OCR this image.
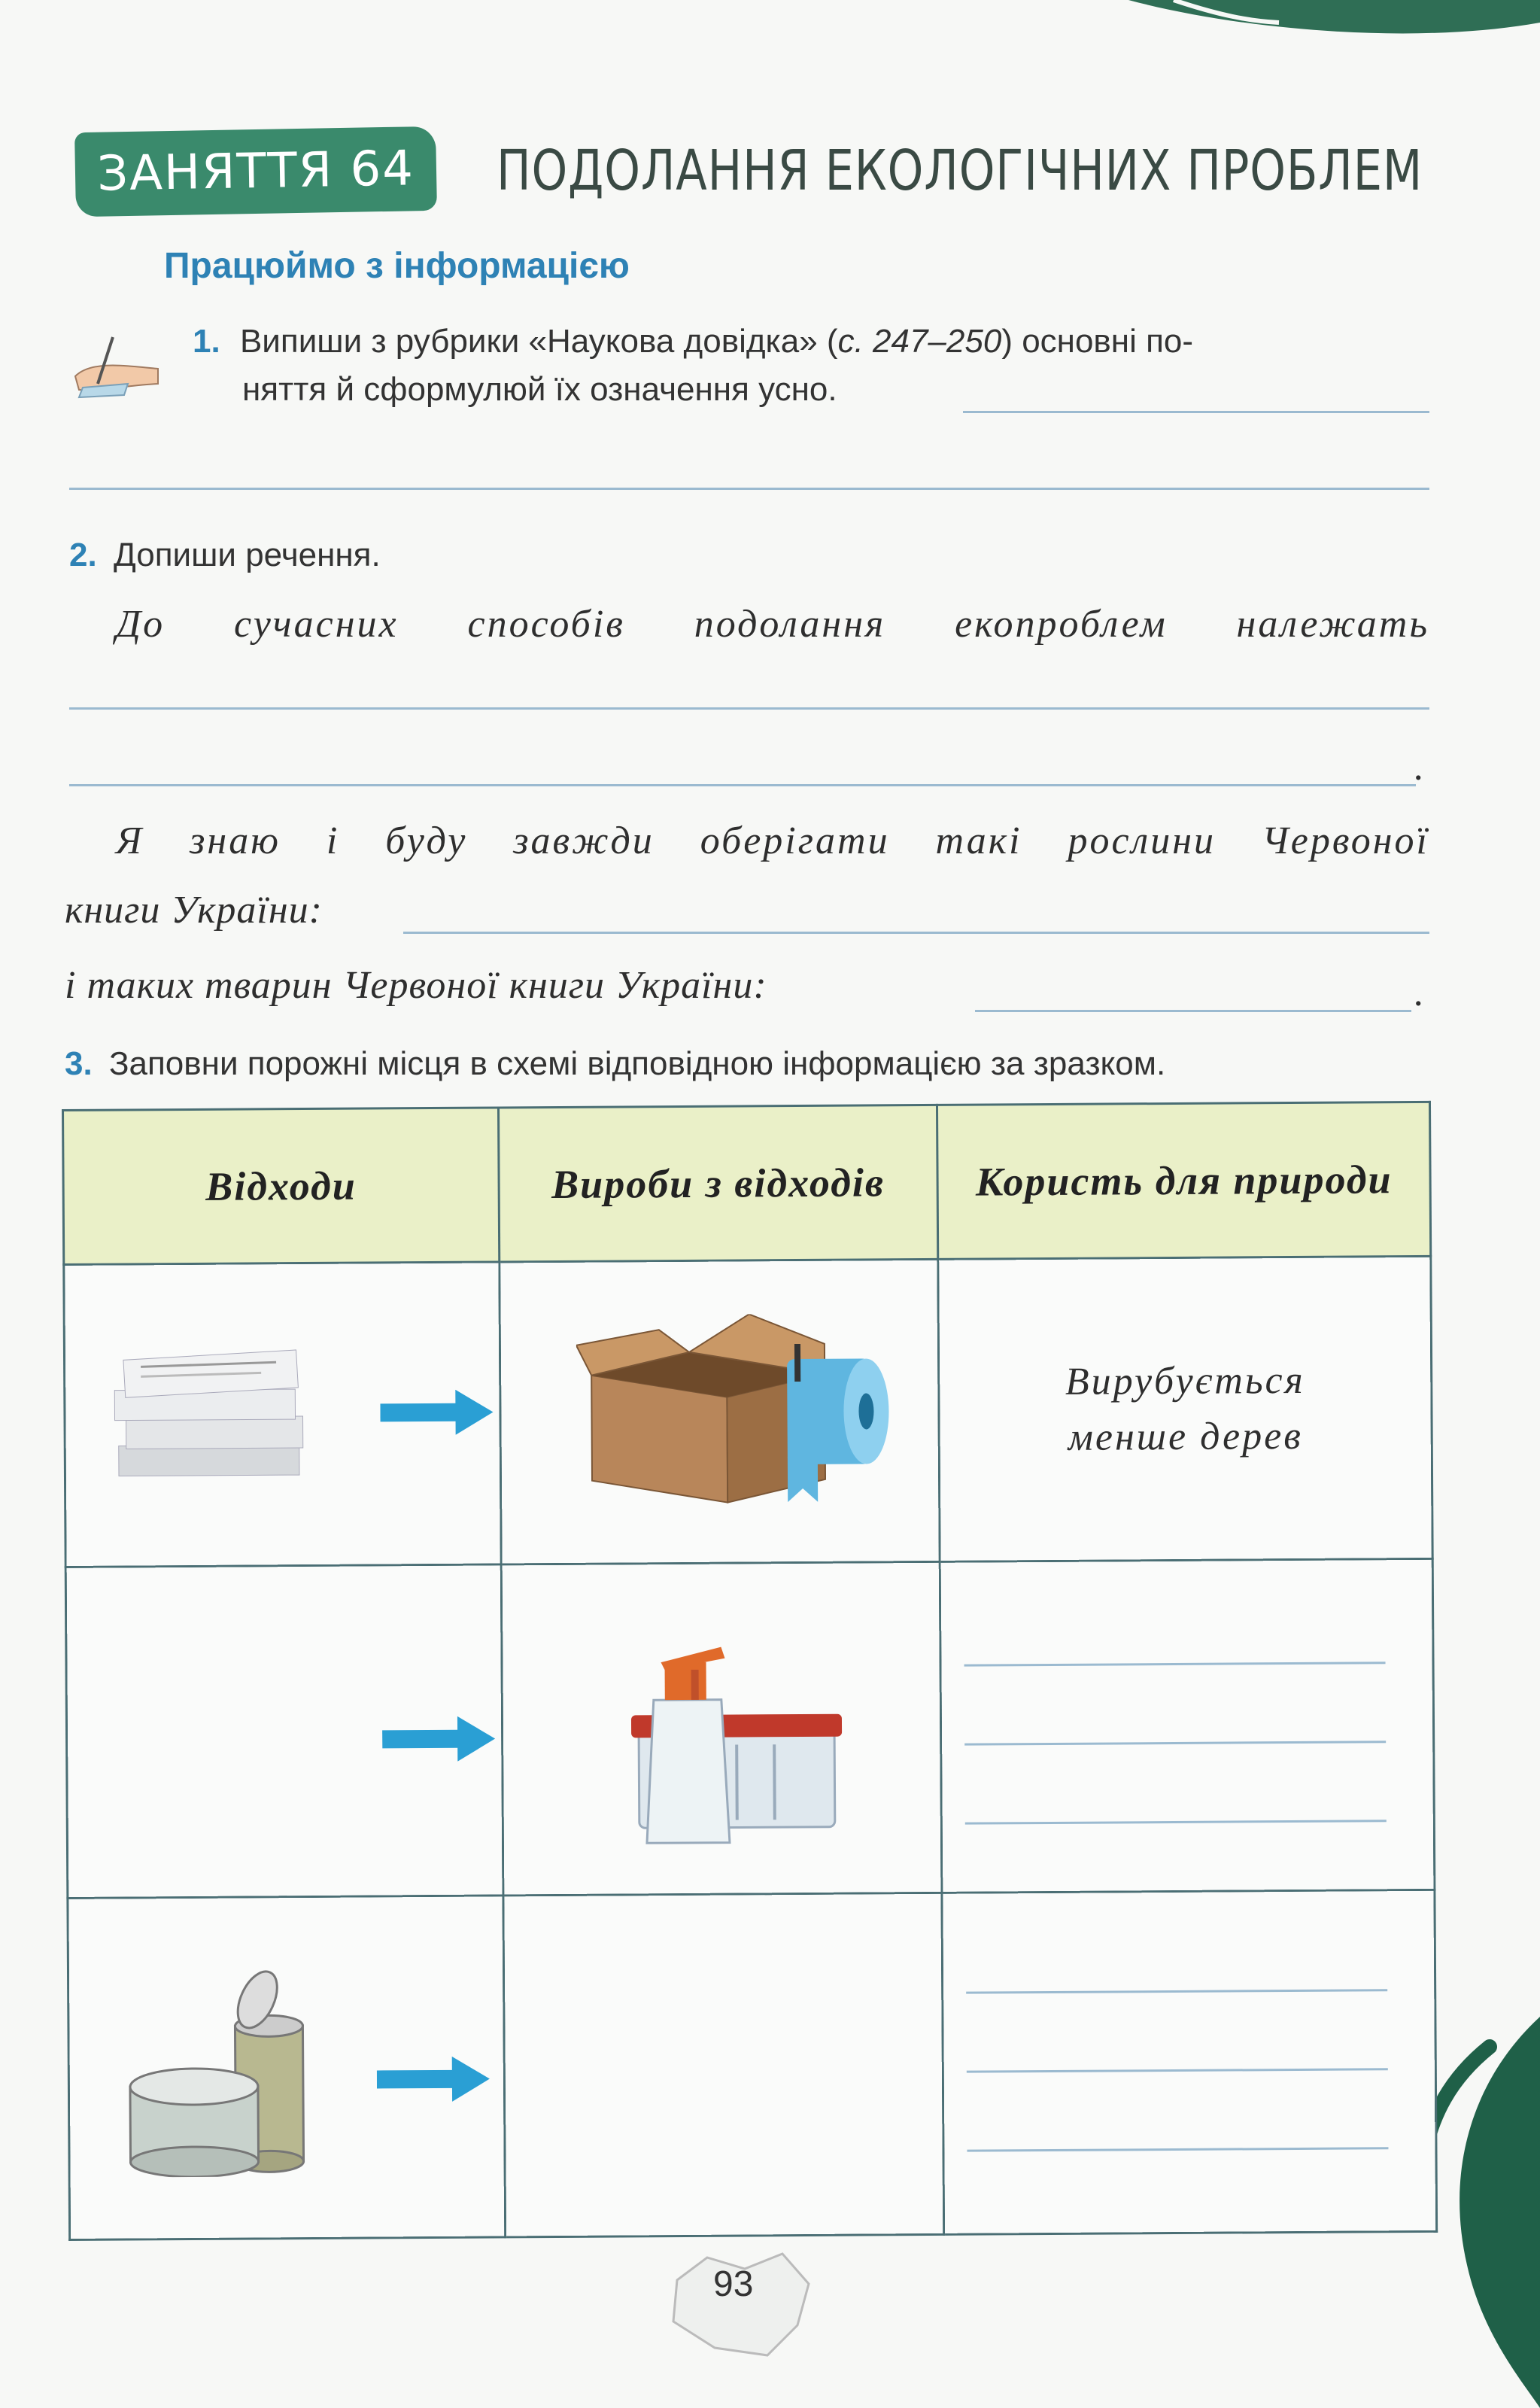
ЗАНЯТТЯ 64	ПОДОЛАННЯ ЕКОЛОГІЧНИХ ПРОБЛЕМ
Працюймо з інформацією
1. Випиши з рубрики «Наукова довідка» (с. 247–250) основні по-
няття й сформулюй їх означення усно.
2. Допиши речення.
До сучасних способів подолання екопроблем належать
.
Я знаю і буду завжди оберігати такі рослини Червоної
книги України:
і таких тварин Червоної книги України:	.
3. Заповни порожні місця в схемі відповідною інформацією за зразком.
Відходи	Вироби з відходів	Користь для природи

Вирубується
менше дерев

93
